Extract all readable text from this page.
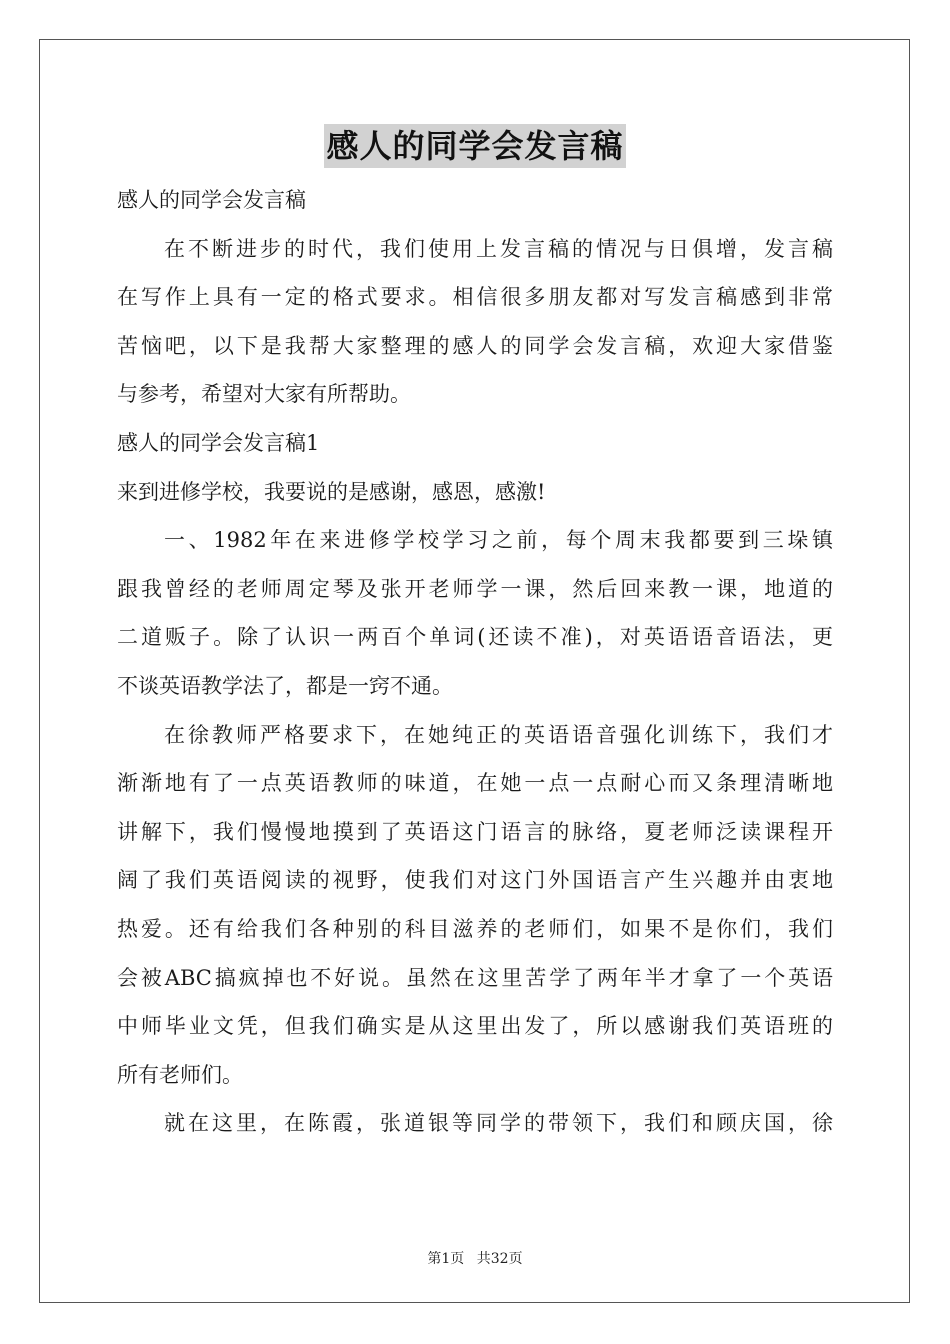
感人的同学会发言稿
感人的同学会发言稿
在不断进步的时代，我们使用上发言稿的情况与日俱增，发言稿
在写作上具有一定的格式要求。相信很多朋友都对写发言稿感到非常
苦恼吧，以下是我帮大家整理的感人的同学会发言稿，欢迎大家借鉴
与参考，希望对大家有所帮助。
感人的同学会发言稿1
来到进修学校，我要说的是感谢，感恩，感激!
一、1982年在来进修学校学习之前，每个周末我都要到三垛镇
跟我曾经的老师周定琴及张开老师学一课，然后回来教一课，地道的
二道贩子。除了认识一两百个单词(还读不准)，对英语语音语法，更
不谈英语教学法了，都是一窍不通。
在徐教师严格要求下，在她纯正的英语语音强化训练下，我们才
渐渐地有了一点英语教师的味道，在她一点一点耐心而又条理清晰地
讲解下，我们慢慢地摸到了英语这门语言的脉络，夏老师泛读课程开
阔了我们英语阅读的视野，使我们对这门外国语言产生兴趣并由衷地
热爱。还有给我们各种别的科目滋养的老师们，如果不是你们，我们
会被ABC搞疯掉也不好说。虽然在这里苦学了两年半才拿了一个英语
中师毕业文凭，但我们确实是从这里出发了，所以感谢我们英语班的
所有老师们。
就在这里，在陈霞，张道银等同学的带领下，我们和顾庆国，徐
第1页 共32页
